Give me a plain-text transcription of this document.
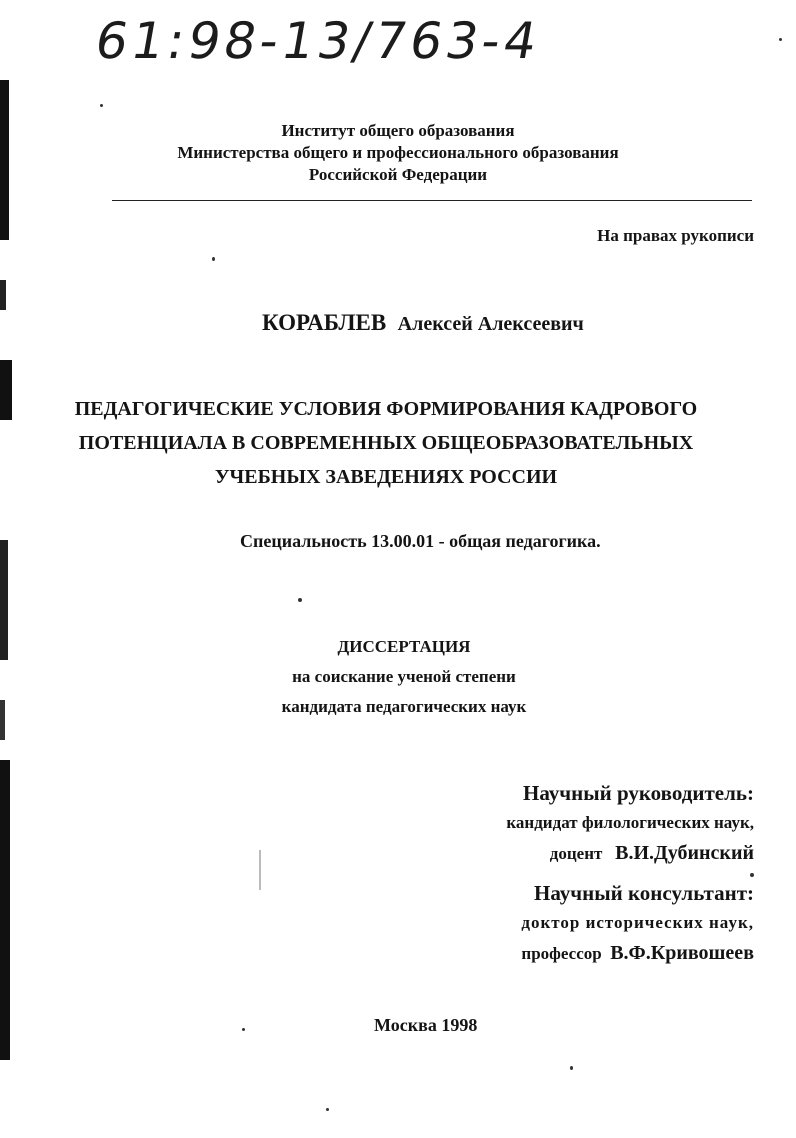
61:98-13/763-4
Институт общего образования
Министерства общего и профессионального образования
Российской Федерации
На правах рукописи
КОРАБЛЕВ Алексей Алексеевич
ПЕДАГОГИЧЕСКИЕ УСЛОВИЯ ФОРМИРОВАНИЯ КАДРОВОГО
ПОТЕНЦИАЛА В СОВРЕМЕННЫХ ОБЩЕОБРАЗОВАТЕЛЬНЫХ
УЧЕБНЫХ ЗАВЕДЕНИЯХ РОССИИ
Специальность 13.00.01 - общая педагогика.
ДИССЕРТАЦИЯ
на соискание ученой степени
кандидата педагогических наук
Научный руководитель:
кандидат филологических наук,
доцент В.И.Дубинский
Научный консультант:
доктор исторических наук,
профессор В.Ф.Кривошеев
Москва 1998
